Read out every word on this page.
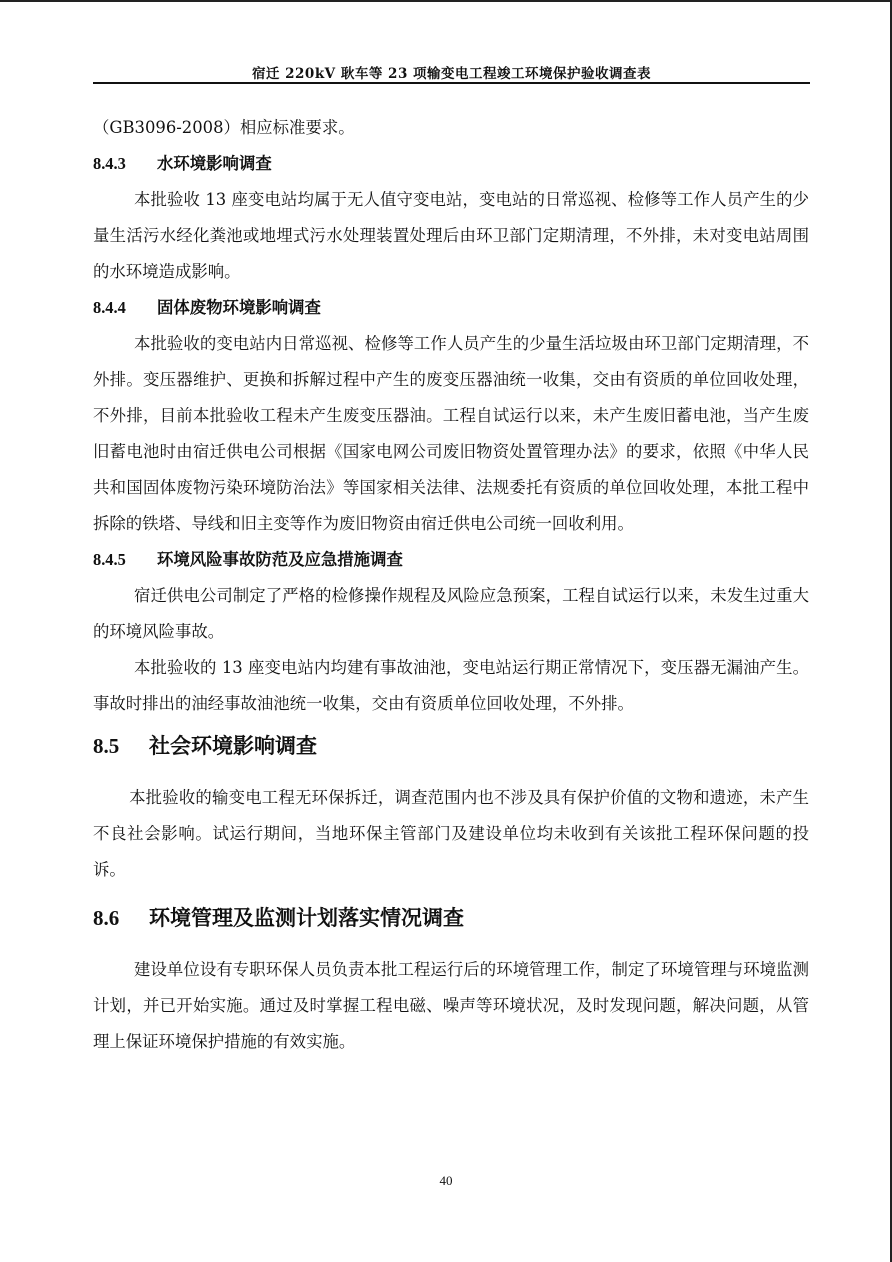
宿迁 220kV 耿车等 23 项输变电工程竣工环境保护验收调查表

（GB3096-2008）相应标准要求。

8.4.3	水环境影响调查

本批验收 13 座变电站均属于无人值守变电站，变电站的日常巡视、检修等工作人员产生的少量生活污水经化粪池或地埋式污水处理装置处理后由环卫部门定期清理，不外排，未对变电站周围的水环境造成影响。

8.4.4	固体废物环境影响调查

本批验收的变电站内日常巡视、检修等工作人员产生的少量生活垃圾由环卫部门定期清理，不外排。变压器维护、更换和拆解过程中产生的废变压器油统一收集，交由有资质的单位回收处理，不外排，目前本批验收工程未产生废变压器油。工程自试运行以来，未产生废旧蓄电池，当产生废旧蓄电池时由宿迁供电公司根据《国家电网公司废旧物资处置管理办法》的要求，依照《中华人民共和国固体废物污染环境防治法》等国家相关法律、法规委托有资质的单位回收处理，本批工程中拆除的铁塔、导线和旧主变等作为废旧物资由宿迁供电公司统一回收利用。

8.4.5	环境风险事故防范及应急措施调查

宿迁供电公司制定了严格的检修操作规程及风险应急预案，工程自试运行以来，未发生过重大的环境风险事故。

本批验收的 13 座变电站内均建有事故油池，变电站运行期正常情况下，变压器无漏油产生。事故时排出的油经事故油池统一收集，交由有资质单位回收处理，不外排。

8.5	社会环境影响调查

本批验收的输变电工程无环保拆迁，调查范围内也不涉及具有保护价值的文物和遗迹，未产生不良社会影响。试运行期间，当地环保主管部门及建设单位均未收到有关该批工程环保问题的投诉。

8.6	环境管理及监测计划落实情况调查

建设单位设有专职环保人员负责本批工程运行后的环境管理工作，制定了环境管理与环境监测计划，并已开始实施。通过及时掌握工程电磁、噪声等环境状况，及时发现问题，解决问题，从管理上保证环境保护措施的有效实施。

40
